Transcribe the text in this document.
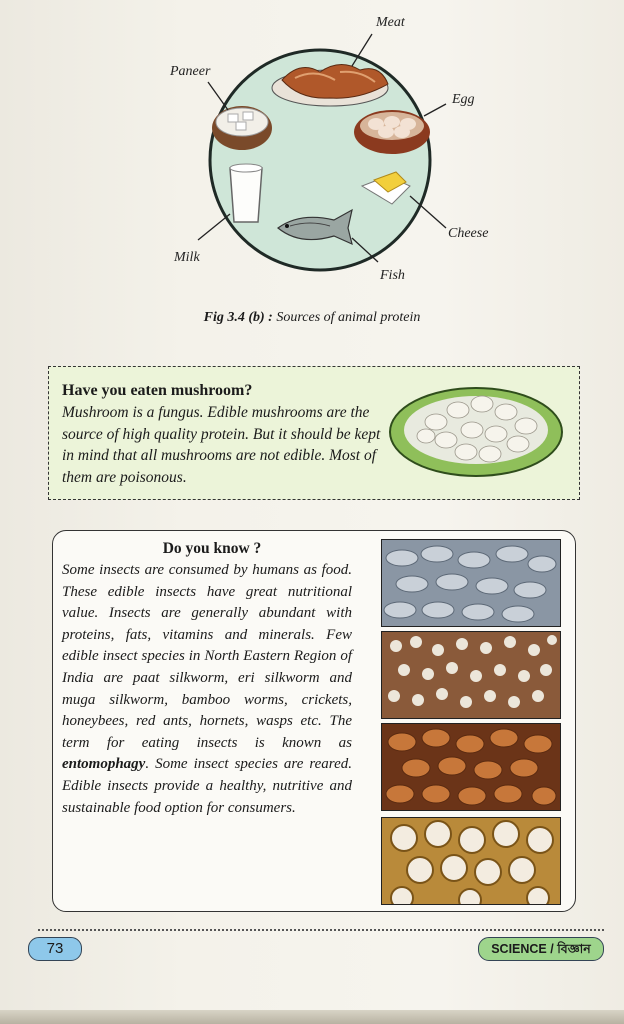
Meat
Paneer
Egg
Cheese
Milk
Fish
Fig 3.4 (b) : Sources of animal protein
Have you eaten mushroom?
Mushroom is a fungus. Edible mushrooms are the source of high quality protein. But it should be kept in mind that all mushrooms are not edible. Most of them are poisonous.
Do you know ?
Some insects are consumed by humans as food. These edible insects have great nutritional value. Insects are generally abundant with proteins, fats, vitamins and minerals. Few edible insect species in North Eastern Region of India are paat silkworm, eri silkworm and muga silkworm, bamboo worms, crickets, honeybees, red ants, hornets, wasps etc. The term for eating insects is known as entomophagy. Some insect species are reared. Edible insects provide a healthy, nutritive and sustainable food option for consumers.
73	SCIENCE / বিজ্ঞান
